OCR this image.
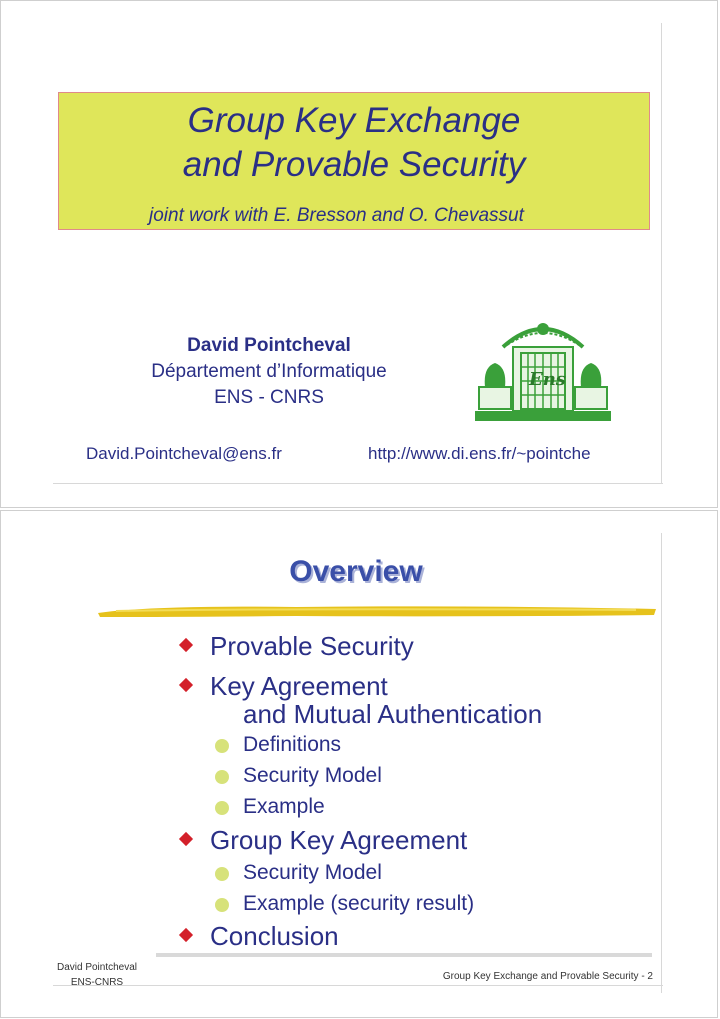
Group Key Exchange
and Provable Security
joint work with E. Bresson and O. Chevassut
David Pointcheval
Département d’Informatique
ENS - CNRS
David.Pointcheval@ens.fr	http://www.di.ens.fr/~pointche
Ens
Overview
Provable Security
Key Agreement
and Mutual Authentication
Definitions
Security Model
Example
Group Key Agreement
Security Model
Example (security result)
Conclusion
David Pointcheval
ENS-CNRS
Group Key Exchange and Provable Security - 2
